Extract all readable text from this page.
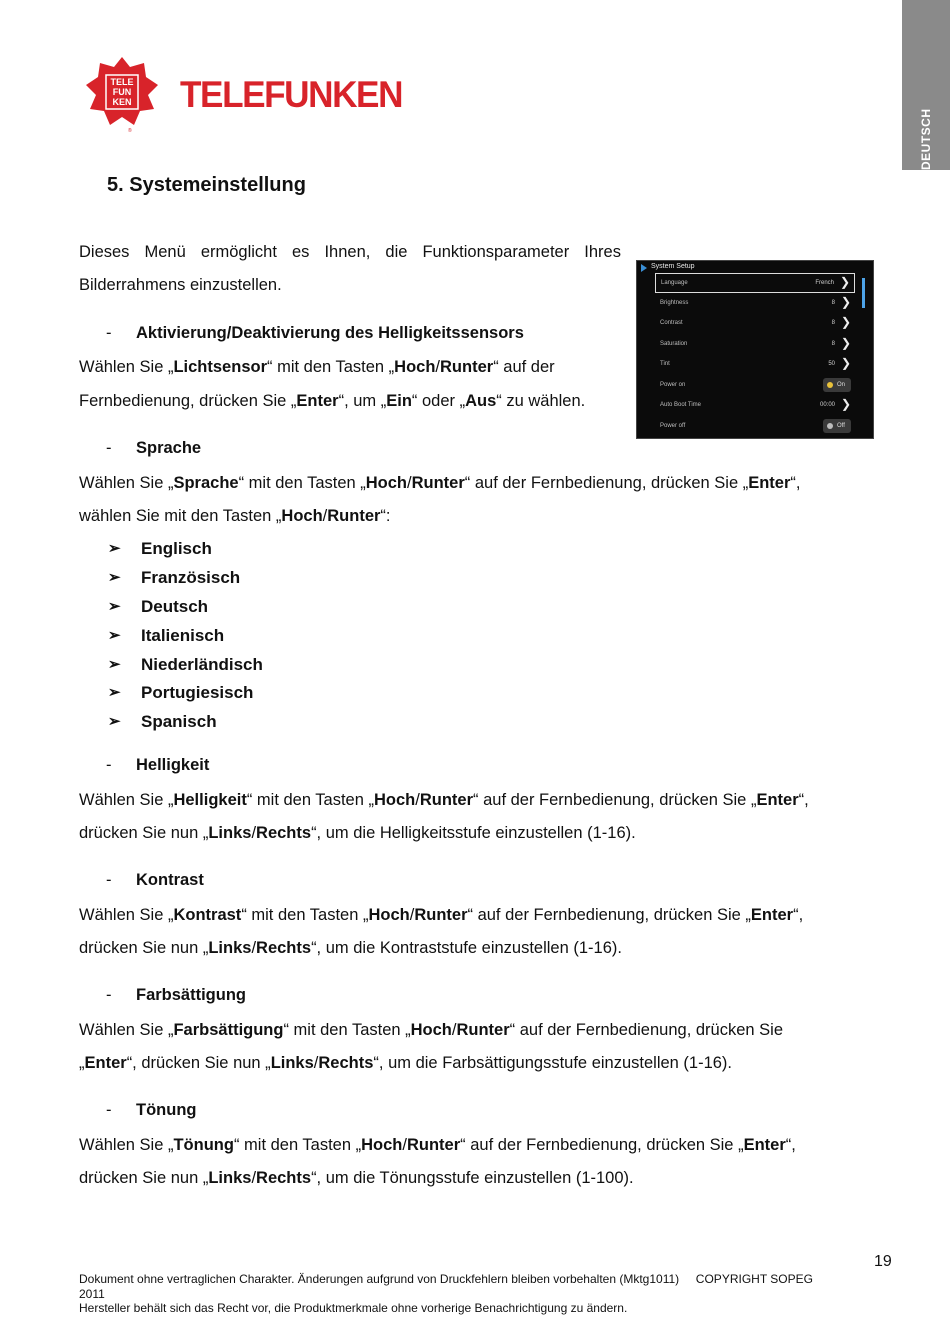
DEUTSCH
TELE
FUN
KEN
®
TELEFUNKEN
5. Systemeinstellung
Dieses Menü ermöglicht es Ihnen, die Funktionsparameter Ihres
Bilderrahmens einzustellen.
System Setup
Language	French ❯
Brightness	8 ❯
Contrast	8 ❯
Saturation	8 ❯
Tint	50 ❯
Power on	On
Auto Boot Time	00:00 ❯
Power off	Off
- Aktivierung/Deaktivierung des Helligkeitssensors
Wählen Sie „Lichtsensor“ mit den Tasten „Hoch/Runter“ auf der
Fernbedienung, drücken Sie „Enter“, um „Ein“ oder „Aus“ zu wählen.
- Sprache
Wählen Sie „Sprache“ mit den Tasten „Hoch/Runter“ auf der Fernbedienung, drücken Sie „Enter“,
wählen Sie mit den Tasten „Hoch/Runter“:
- Helligkeit
Wählen Sie „Helligkeit“ mit den Tasten „Hoch/Runter“ auf der Fernbedienung, drücken Sie „Enter“,
drücken Sie nun „Links/Rechts“, um die Helligkeitsstufe einzustellen (1-16).
- Kontrast
Wählen Sie „Kontrast“ mit den Tasten „Hoch/Runter“ auf der Fernbedienung, drücken Sie „Enter“,
drücken Sie nun „Links/Rechts“, um die Kontraststufe einzustellen (1-16).
- Farbsättigung
Wählen Sie „Farbsättigung“ mit den Tasten „Hoch/Runter“ auf der Fernbedienung, drücken Sie
„Enter“, drücken Sie nun „Links/Rechts“, um die Farbsättigungsstufe einzustellen (1-16).
- Tönung
Wählen Sie „Tönung“ mit den Tasten „Hoch/Runter“ auf der Fernbedienung, drücken Sie „Enter“,
drücken Sie nun „Links/Rechts“, um die Tönungsstufe einzustellen (1-100).
➢	Englisch
➢	Französisch
➢	Deutsch
➢	Italienisch
➢	Niederländisch
➢	Portugiesisch
➢	Spanisch
19
Dokument ohne vertraglichen Charakter. Änderungen aufgrund von Druckfehlern bleiben vorbehalten (Mktg1011)     COPYRIGHT SOPEG
2011
Hersteller behält sich das Recht vor, die Produktmerkmale ohne vorherige Benachrichtigung zu ändern.
